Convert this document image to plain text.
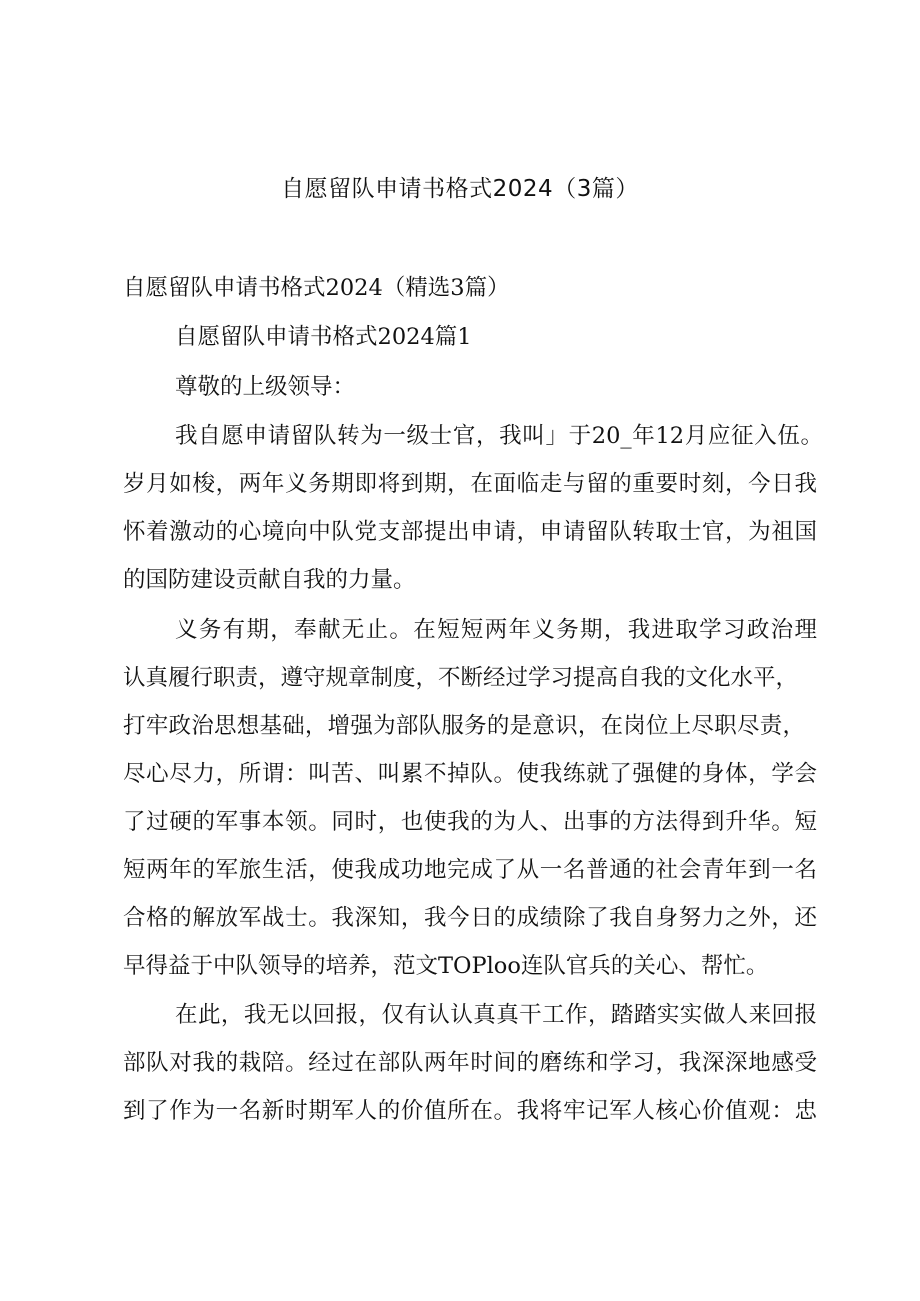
自愿留队申请书格式2024（3篇）

自愿留队申请书格式2024（精选3篇）

自愿留队申请书格式2024篇1

尊敬的上级领导：

我自愿申请留队转为一级士官，我叫」于20_年12月应征入伍。

岁月如梭，两年义务期即将到期，在面临走与留的重要时刻，今日我

怀着激动的心境向中队党支部提出申请，申请留队转取士官，为祖国

的国防建设贡献自我的力量。

义务有期，奉献无止。在短短两年义务期，我进取学习政治理

认真履行职责，遵守规章制度，不断经过学习提高自我的文化水平，

打牢政治思想基础，增强为部队服务的是意识，在岗位上尽职尽责，

尽心尽力，所谓：叫苦、叫累不掉队。使我练就了强健的身体，学会

了过硬的军事本领。同时，也使我的为人、出事的方法得到升华。短

短两年的军旅生活，使我成功地完成了从一名普通的社会青年到一名

合格的解放军战士。我深知，我今日的成绩除了我自身努力之外，还

早得益于中队领导的培养，范文TOPloo连队官兵的关心、帮忙。

在此，我无以回报，仅有认认真真干工作，踏踏实实做人来回报

部队对我的栽陪。经过在部队两年时间的磨练和学习，我深深地感受

到了作为一名新时期军人的价值所在。我将牢记军人核心价值观：忠
